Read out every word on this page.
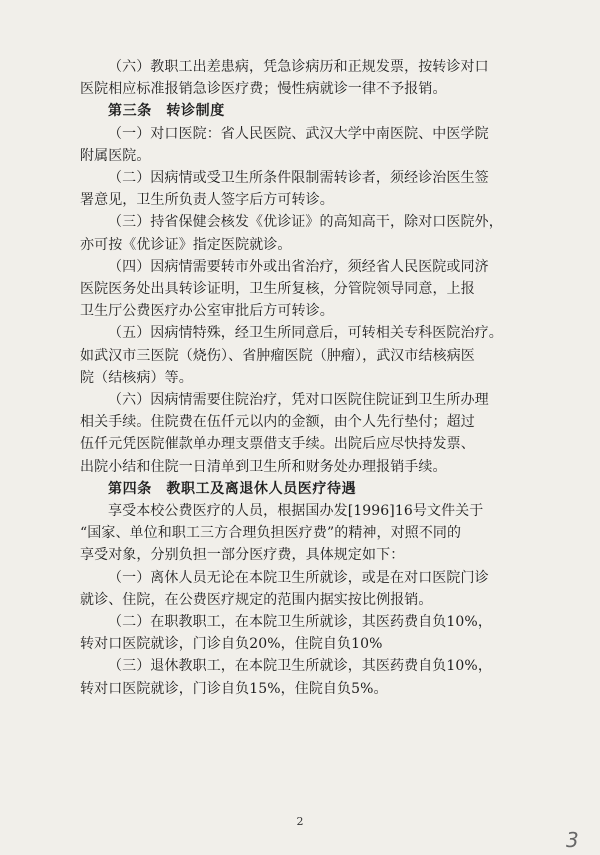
（六）教职工出差患病，凭急诊病历和正规发票，按转诊对口
医院相应标准报销急诊医疗费；慢性病就诊一律不予报销。
第三条　转诊制度
（一）对口医院：省人民医院、武汉大学中南医院、中医学院
附属医院。
（二）因病情或受卫生所条件限制需转诊者，须经诊治医生签
署意见，卫生所负责人签字后方可转诊。
（三）持省保健会核发《优诊证》的高知高干，除对口医院外，
亦可按《优诊证》指定医院就诊。
（四）因病情需要转市外或出省治疗，须经省人民医院或同济
医院医务处出具转诊证明，卫生所复核，分管院领导同意，上报
卫生厅公费医疗办公室审批后方可转诊。
（五）因病情特殊，经卫生所同意后，可转相关专科医院治疗。
如武汉市三医院（烧伤）、省肿瘤医院（肿瘤），武汉市结核病医
院（结核病）等。
（六）因病情需要住院治疗，凭对口医院住院证到卫生所办理
相关手续。住院费在伍仟元以内的金额，由个人先行垫付；超过
伍仟元凭医院催款单办理支票借支手续。出院后应尽快持发票、
出院小结和住院一日清单到卫生所和财务处办理报销手续。
第四条　教职工及离退休人员医疗待遇
享受本校公费医疗的人员，根据国办发[1996]16号文件关于
“国家、单位和职工三方合理负担医疗费”的精神，对照不同的
享受对象，分别负担一部分医疗费，具体规定如下：
（一）离休人员无论在本院卫生所就诊，或是在对口医院门诊
就诊、住院，在公费医疗规定的范围内据实按比例报销。
（二）在职教职工，在本院卫生所就诊，其医药费自负10%，
转对口医院就诊，门诊自负20%，住院自负10%
（三）退休教职工，在本院卫生所就诊，其医药费自负10%，
转对口医院就诊，门诊自负15%，住院自负5%。
2
3
